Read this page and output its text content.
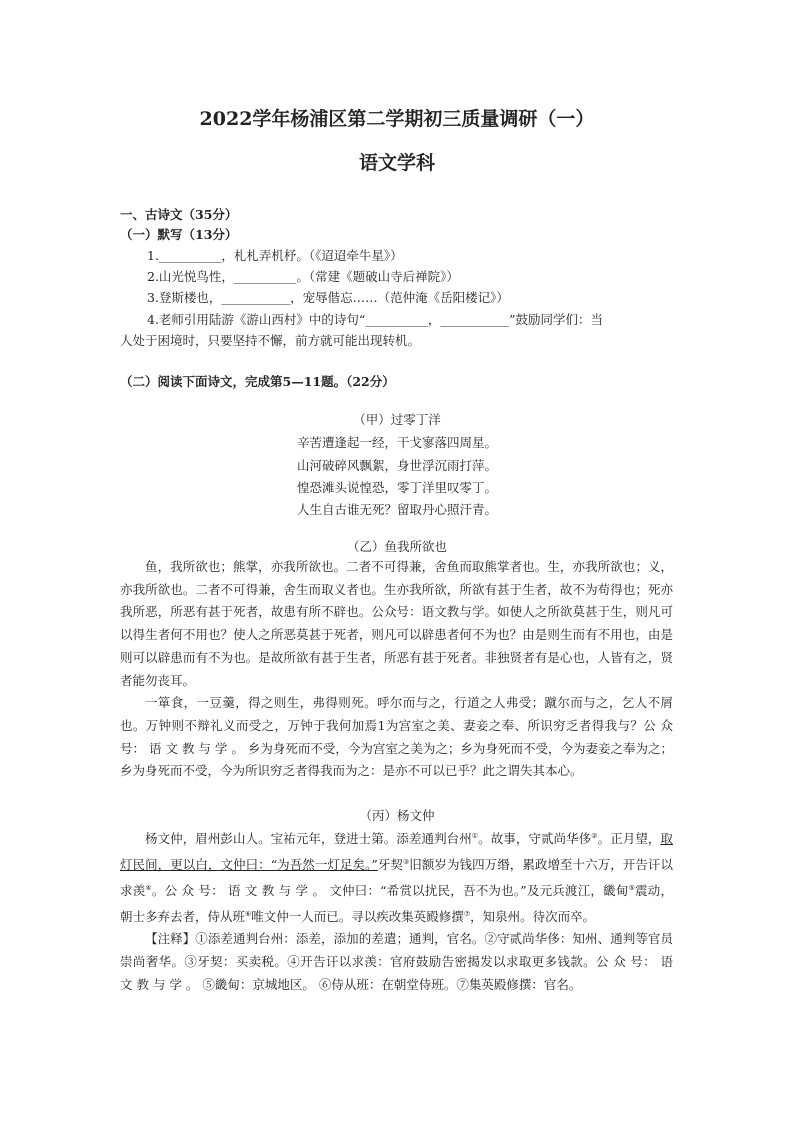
2022学年杨浦区第二学期初三质量调研（一）
语文学科
一、古诗文（35分）
（一）默写（13分）
1.__________，札札弄机杼。（《迢迢牵牛星》）
2.山光悦鸟性，__________。（常建《题破山寺后禅院》）
3.登斯楼也，___________，宠辱偕忘……（范仲淹《岳阳楼记》）
4.老师引用陆游《游山西村》中的诗句“__________，___________”鼓励同学们：当
人处于困境时，只要坚持不懈，前方就可能出现转机。
（二）阅读下面诗文，完成第5—11题。（22分）
（甲）过零丁洋
辛苦遭逢起一经，干戈寥落四周星。
山河破碎风飘絮，身世浮沉雨打萍。
惶恐滩头说惶恐，零丁洋里叹零丁。
人生自古谁无死？留取丹心照汗青。
（乙）鱼我所欲也

鱼，我所欲也；熊掌，亦我所欲也。二者不可得兼，舍鱼而取熊掌者也。生，亦我所欲也；义，亦我所欲也。二者不可得兼，舍生而取义者也。生亦我所欲，所欲有甚于生者，故不为苟得也；死亦我所恶，所恶有甚于死者，故患有所不辟也。公众号：语文教与学。如使人之所欲莫甚于生，则凡可以得生者何不用也？使人之所恶莫甚于死者，则凡可以辟患者何不为也？由是则生而有不用也，由是则可以辟患而有不为也。是故所欲有甚于生者，所恶有甚于死者。非独贤者有是心也，人皆有之，贤者能勿丧耳。

一箪食，一豆羹，得之则生，弗得则死。呼尔而与之，行道之人弗受；蹴尔而与之，乞人不屑也。万钟则不辩礼义而受之，万钟于我何加焉1为宫室之美、妻妾之奉、所识穷乏者得我与？公 众 号： 语 文 教 与 学 。 乡为身死而不受，今为宫室之美为之；乡为身死而不受，今为妻妾之奉为之；乡为身死而不受，今为所识穷乏者得我而为之：是亦不可以已乎？此之谓失其本心。

（丙）杨文仲

杨文仲，眉州彭山人。宝祐元年，登进士第。添差通判台州①。故事，守贰尚华侈②。正月望，取灯民间，更以白，文仲曰：“为吾然一灯足矣。”牙契③旧额岁为钱四万缗，累政增至十六万，开告讦以求羡④。公 众 号： 语 文 教 与 学 。 文仲曰：“希赏以扰民，吾不为也。”及元兵渡江，畿甸⑤震动，朝士多弃去者，侍从班⑥唯文仲一人而已。寻以疾改集英殿修撰⑦，知泉州。待次而卒。

【注释】①添差通判台州：添差，添加的差遣；通判，官名。②守贰尚华侈：知州、通判等官员崇尚奢华。③牙契：买卖税。④开告讦以求羡：官府鼓励告密揭发以求取更多钱款。公 众 号： 语 文 教 与 学 。 ⑤畿甸：京城地区。 ⑥侍从班：在朝堂侍班。⑦集英殿修撰：官名。
